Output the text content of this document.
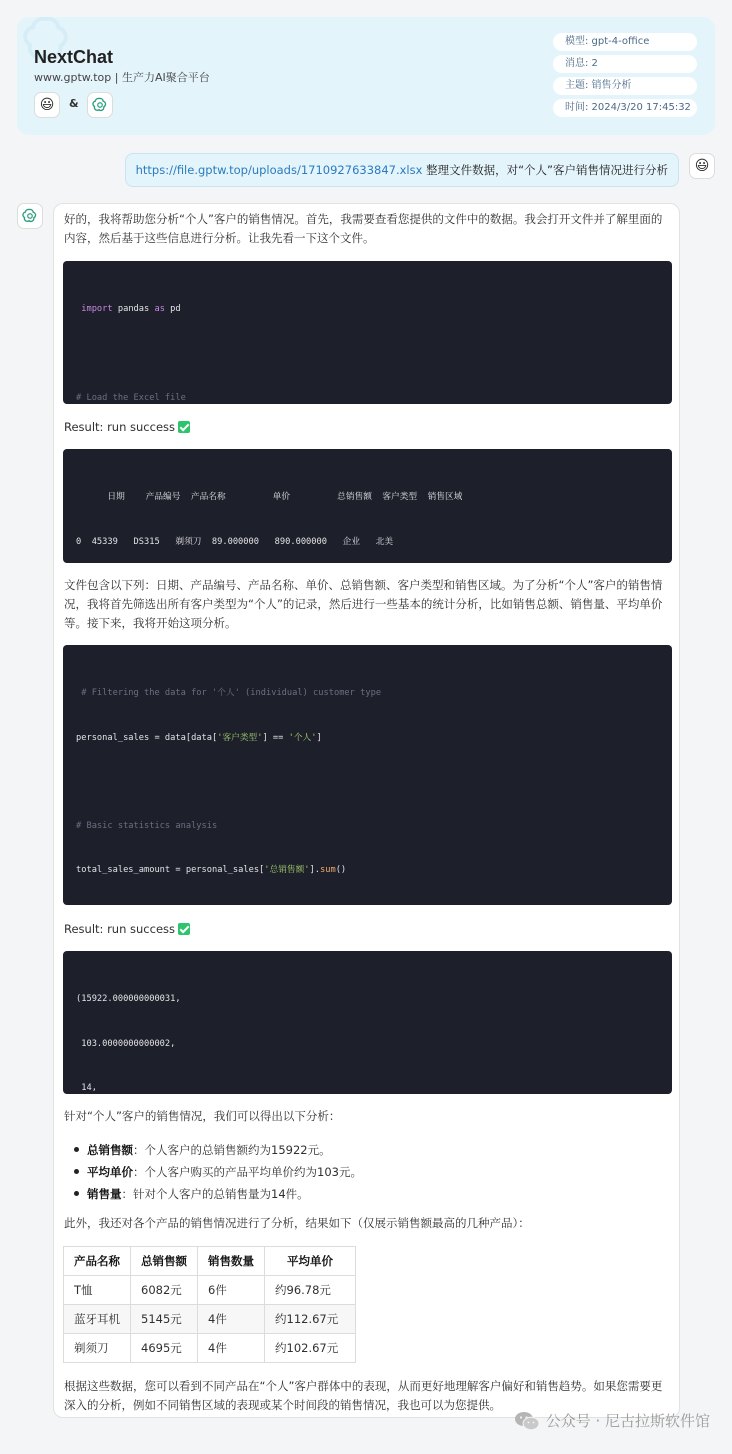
NextChat
www.gptw.top | 生产力AI聚合平台
😃	&
模型: gpt-4-office
消息: 2
主题: 销售分析
时间: 2024/3/20 17:45:32
https://file.gptw.top/uploads/1710927633847.xlsx 整理文件数据，对“个人”客户销售情况进行分析	😃
好的，我将帮助您分析“个人”客户的销售情况。首先，我需要查看您提供的文件中的数据。我会打开文件并了解里面的内容，然后基于这些信息进行分析。让我先看一下这个文件。

import pandas as pd

# Load the Excel file

Result: run success

日期    产品编号  产品名称         单价         总销售额  客户类型  销售区域

0  45339   DS315   剃须刀  89.000000   890.000000   企业   北美

文件包含以下列：日期、产品编号、产品名称、单价、总销售额、客户类型和销售区域。为了分析“个人”客户的销售情况，我将首先筛选出所有客户类型为“个人”的记录，然后进行一些基本的统计分析，比如销售总额、销售量、平均单价等。接下来，我将开始这项分析。

# Filtering the data for '个人' (individual) customer type

personal_sales = data[data['客户类型'] == '个人']

# Basic statistics analysis

total_sales_amount = personal_sales['总销售额'].sum()

Result: run success

(15922.000000000031,

103.0000000000002,

14,

针对“个人”客户的销售情况，我们可以得出以下分析：
总销售额：个人客户的总销售额约为15922元。
平均单价：个人客户购买的产品平均单价约为103元。
销售量：针对个人客户的总销售量为14件。
此外，我还对各个产品的销售情况进行了分析，结果如下（仅展示销售额最高的几种产品）：
产品名称	总销售额	销售数量	平均单价
T恤	6082元	6件	约96.78元
蓝牙耳机	5145元	4件	约112.67元
剃须刀	4695元	4件	约102.67元
根据这些数据，您可以看到不同产品在“个人”客户群体中的表现，从而更好地理解客户偏好和销售趋势。如果您需要更深入的分析，例如不同销售区域的表现或某个时间段的销售情况，我也可以为您提供。
公众号 · 尼古拉斯软件馆
